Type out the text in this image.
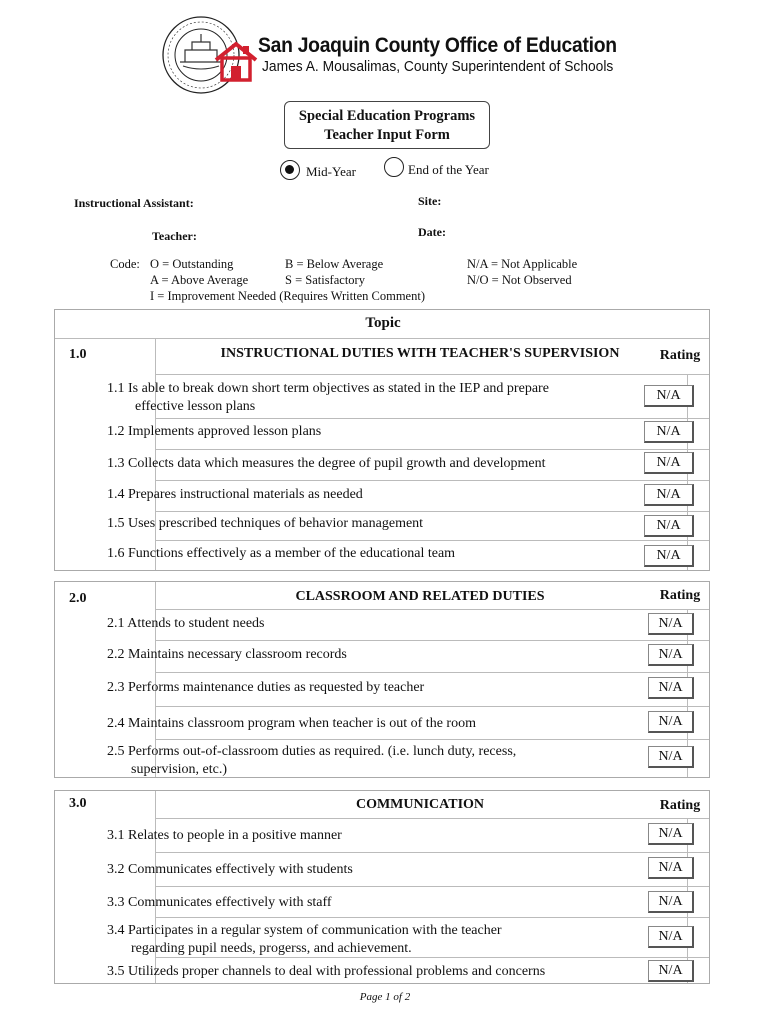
San Joaquin County Office of Education
James A. Mousalimas, County Superintendent of Schools
Special Education Programs
Teacher Input Form
Mid-Year	End of the Year
Instructional Assistant:	Site:
Teacher:	Date:
Code: O = Outstanding	B = Below Average	N/A = Not Applicable
A = Above Average	S = Satisfactory	N/O = Not Observed
I = Improvement Needed (Requires Written Comment)
Topic
1.0	INSTRUCTIONAL DUTIES WITH TEACHER'S SUPERVISION	Rating
1.1 Is able to break down short term objectives as stated in the IEP and prepare
effective lesson plans
N/A
1.2 Implements approved lesson plans	N/A
1.3 Collects data which measures the degree of pupil growth and development	N/A
1.4 Prepares instructional materials as needed	N/A
1.5 Uses prescribed techniques of behavior management	N/A
1.6 Functions effectively as a member of the educational team	N/A
2.0	CLASSROOM AND RELATED DUTIES	Rating
2.1 Attends to student needs	N/A
2.2 Maintains necessary classroom records	N/A
2.3 Performs maintenance duties as requested by teacher	N/A
2.4 Maintains classroom program when teacher is out of the room	N/A
2.5 Performs out-of-classroom duties as required. (i.e. lunch duty, recess,
supervision, etc.)
N/A
3.0	COMMUNICATION	Rating
3.1 Relates to people in a positive manner	N/A
3.2 Communicates effectively with students	N/A
3.3 Communicates effectively with staff	N/A
3.4 Participates in a regular system of communication with the teacher
regarding pupil needs, progerss, and achievement.
N/A
3.5 Utilizeds proper channels to deal with professional problems and concerns	N/A
Page 1 of 2
